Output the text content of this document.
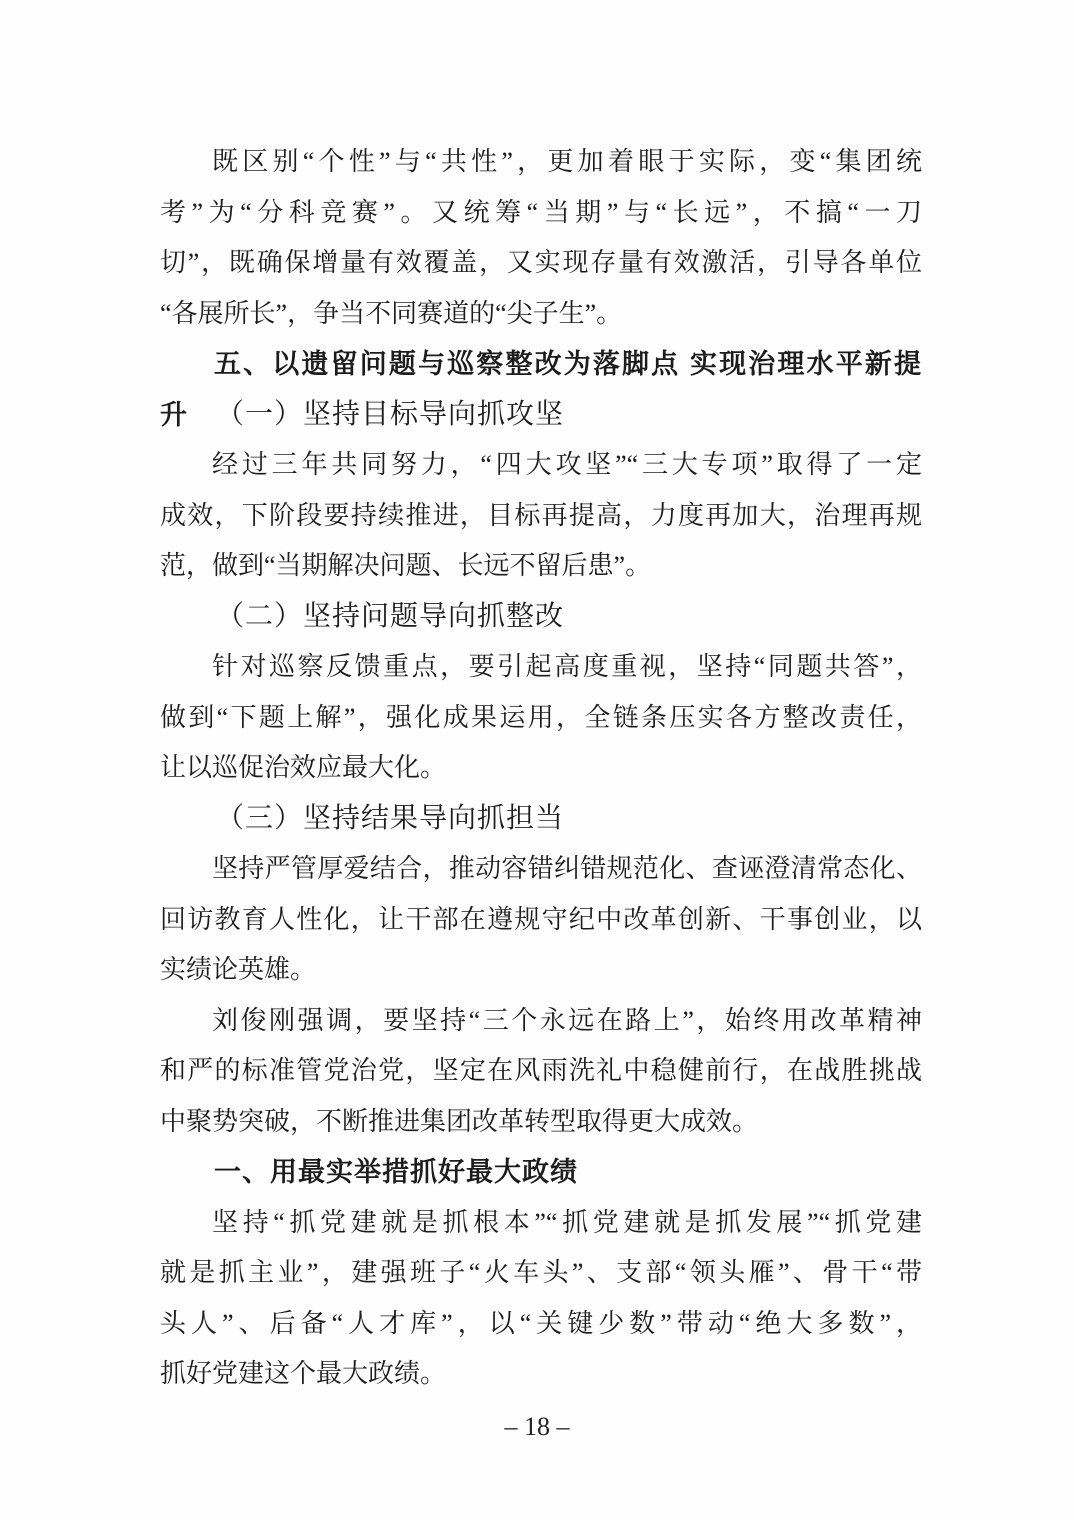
既区别“个性”与“共性”，更加着眼于实际，变“集团统
考”为“分科竞赛”。又统筹“当期”与“长远”，不搞“一刀
切”，既确保增量有效覆盖，又实现存量有效激活，引导各单位
“各展所长”，争当不同赛道的“尖子生”。
五、以遗留问题与巡察整改为落脚点 实现治理水平新提升	（一）坚持目标导向抓攻坚
经过三年共同努力，“四大攻坚”“三大专项”取得了一定
成效，下阶段要持续推进，目标再提高，力度再加大，治理再规
范，做到“当期解决问题、长远不留后患”。
（二）坚持问题导向抓整改
针对巡察反馈重点，要引起高度重视，坚持“同题共答”，
做到“下题上解”，强化成果运用，全链条压实各方整改责任，
让以巡促治效应最大化。
（三）坚持结果导向抓担当
坚持严管厚爱结合，推动容错纠错规范化、查诬澄清常态化、
回访教育人性化，让干部在遵规守纪中改革创新、干事创业，以
实绩论英雄。
刘俊刚强调，要坚持“三个永远在路上”，始终用改革精神
和严的标准管党治党，坚定在风雨洗礼中稳健前行，在战胜挑战
中聚势突破，不断推进集团改革转型取得更大成效。
一、用最实举措抓好最大政绩
坚持“抓党建就是抓根本”“抓党建就是抓发展”“抓党建
就是抓主业”，建强班子“火车头”、支部“领头雁”、骨干“带
头人”、后备“人才库”，以“关键少数”带动“绝大多数”，
抓好党建这个最大政绩。
– 18 –
